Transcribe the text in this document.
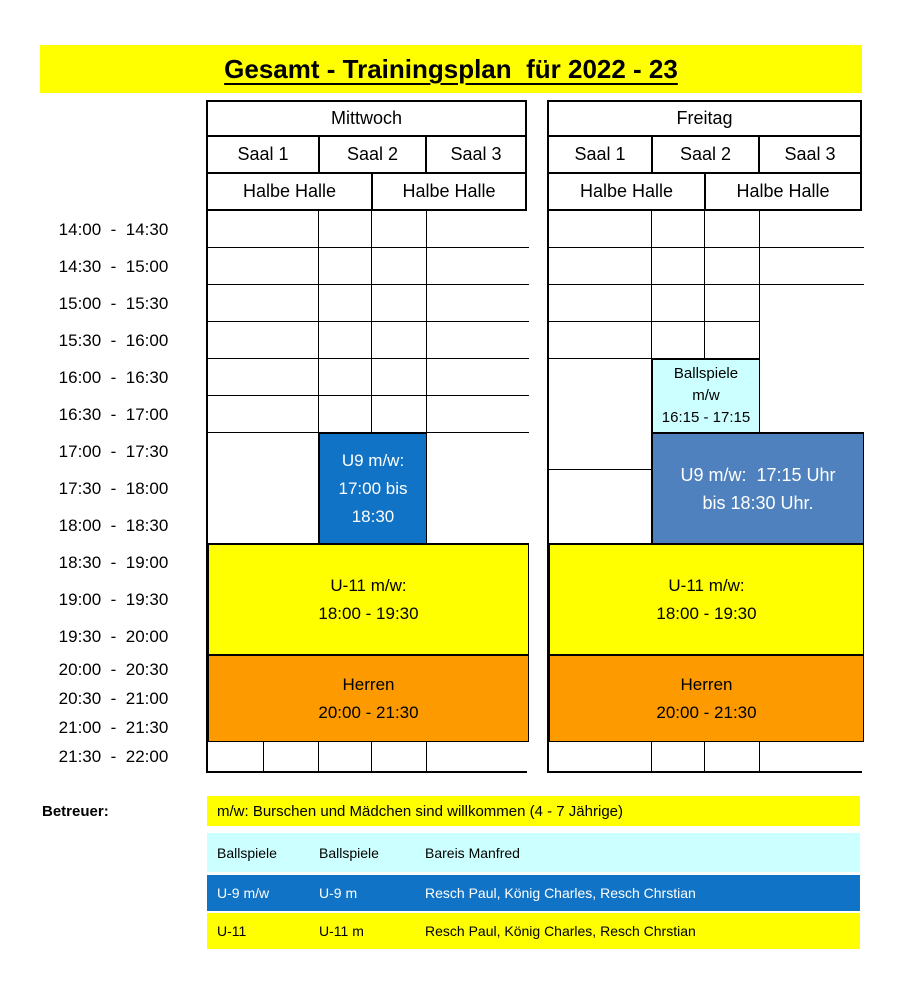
Gesamt - Trainingsplan  für 2022 - 23
14:00  -  14:30
14:30  -  15:00
15:00  -  15:30
15:30  -  16:00
16:00  -  16:30
16:30  -  17:00
17:00  -  17:30
17:30  -  18:00
18:00  -  18:30
18:30  -  19:00
19:00  -  19:30
19:30  -  20:00
20:00  -  20:30
20:30  -  21:00
21:00  -  21:30
21:30  -  22:00
Mittwoch
Saal 1	Saal 2	Saal 3
Halbe Halle	Halbe Halle
U9 m/w:
17:00 bis
18:30
U-11 m/w:
18:00 - 19:30
Herren
20:00 - 21:30
Freitag
Saal 1	Saal 2	Saal 3
Halbe Halle	Halbe Halle
Ballspiele
m/w
16:15 - 17:15
U9 m/w:  17:15 Uhr
bis 18:30 Uhr.
U-11 m/w:
18:00 - 19:30
Herren
20:00 - 21:30
Betreuer:	m/w: Burschen und Mädchen sind willkommen (4 - 7 Jährige)
Ballspiele	Ballspiele	Bareis Manfred
U-9 m/w	U-9 m	Resch Paul, König Charles, Resch Chrstian
U-11	U-11 m	Resch Paul, König Charles, Resch Chrstian
